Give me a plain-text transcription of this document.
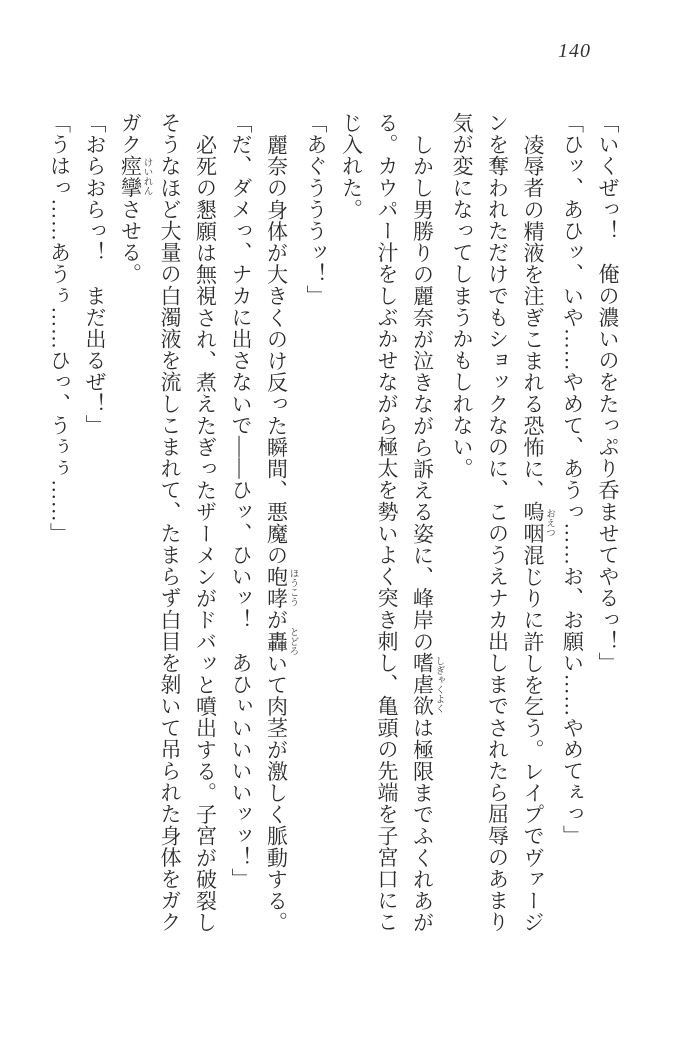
140
「いくぜっ！　俺の濃いのをたっぷり呑ませてやるっ！」
「ひッ、あひッ、いや……やめて、あうっ……お、お願い……やめてぇっ」
凌辱者の精液を注ぎこまれる恐怖に、嗚咽 おえつ混じりに許しを乞う。レイプでヴァージ
ンを奪われただけでもショックなのに、このうえナカ出しまでされたら屈辱のあまり
気が変になってしまうかもしれない。
しかし男勝りの麗奈が泣きながら訴える姿に、峰岸の嗜虐欲 しぎゃくよくは極限までふくれあが
る。カウパー汁をしぶかせながら極太を勢いよく突き刺し、亀頭の先端を子宮口にこ
じ入れた。
「あぐうううッ！」
麗奈の身体が大きくのけ反った瞬間、悪魔の咆哮 ほうこうが轟 とどろいて肉茎が激しく脈動する。
「だ、ダメっ、ナカに出さないで――ひッ、ひいッ！　あひぃいいいいッッ！」
必死の懇願は無視され、煮えたぎったザーメンがドバッと噴出する。子宮が破裂し
そうなほど大量の白濁液を流しこまれて、たまらず白目を剝いて吊られた身体をガク
ガク痙攣 けいれんさせる。
「おらおらっ！　まだ出るぜ！」
「うはっ……あうぅ……ひっ、うぅぅ……」
